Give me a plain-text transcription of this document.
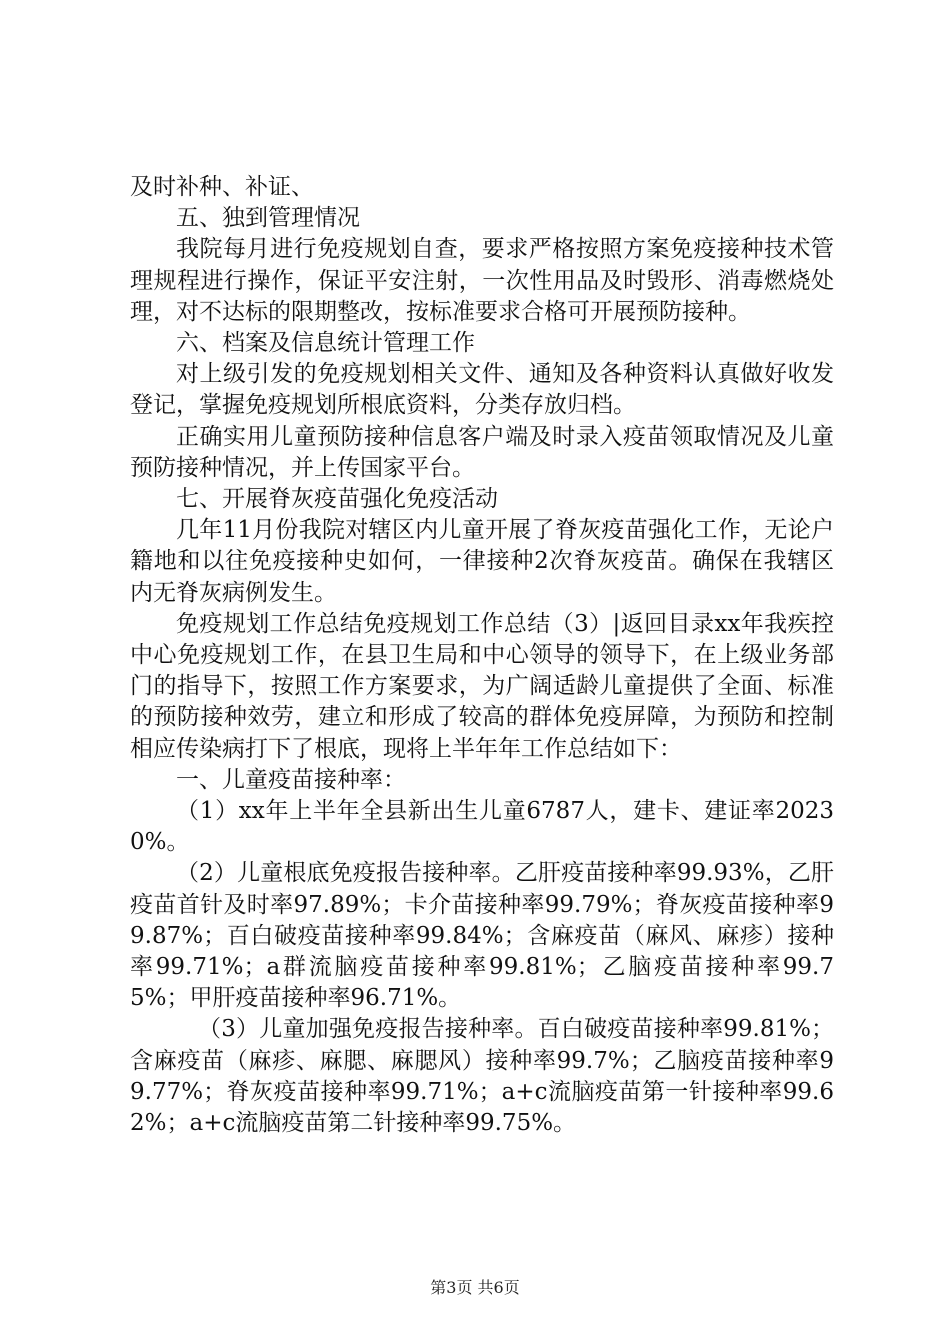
及时补种、补证、

五、独到管理情况

我院每月进行免疫规划自查，要求严格按照方案免疫接种技术管理规程进行操作，保证平安注射，一次性用品及时毁形、消毒燃烧处理，对不达标的限期整改，按标准要求合格可开展预防接种。

六、档案及信息统计管理工作

对上级引发的免疫规划相关文件、通知及各种资料认真做好收发登记，掌握免疫规划所根底资料，分类存放归档。

正确实用儿童预防接种信息客户端及时录入疫苗领取情况及儿童预防接种情况，并上传国家平台。

七、开展脊灰疫苗强化免疫活动

几年11月份我院对辖区内儿童开展了脊灰疫苗强化工作，无论户籍地和以往免疫接种史如何，一律接种2次脊灰疫苗。确保在我辖区内无脊灰病例发生。

免疫规划工作总结免疫规划工作总结（3）|返回目录xx年我疾控中心免疫规划工作，在县卫生局和中心领导的领导下，在上级业务部门的指导下，按照工作方案要求，为广阔适龄儿童提供了全面、标准的预防接种效劳，建立和形成了较高的群体免疫屏障，为预防和控制相应传染病打下了根底，现将上半年年工作总结如下：

一、儿童疫苗接种率：

（1）xx年上半年全县新出生儿童6787人，建卡、建证率20230%。

（2）儿童根底免疫报告接种率。乙肝疫苗接种率99.93%，乙肝疫苗首针及时率97.89%；卡介苗接种率99.79%；脊灰疫苗接种率99.87%；百白破疫苗接种率99.84%；含麻疫苗（麻风、麻疹）接种率99.71%；a群流脑疫苗接种率99.81%；乙脑疫苗接种率99.75%；甲肝疫苗接种率96.71%。

（3）儿童加强免疫报告接种率。百白破疫苗接种率99.81%；含麻疫苗（麻疹、麻腮、麻腮风）接种率99.7%；乙脑疫苗接种率99.77%；脊灰疫苗接种率99.71%；a+c流脑疫苗第一针接种率99.62%；a+c流脑疫苗第二针接种率99.75%。

第3页 共6页
